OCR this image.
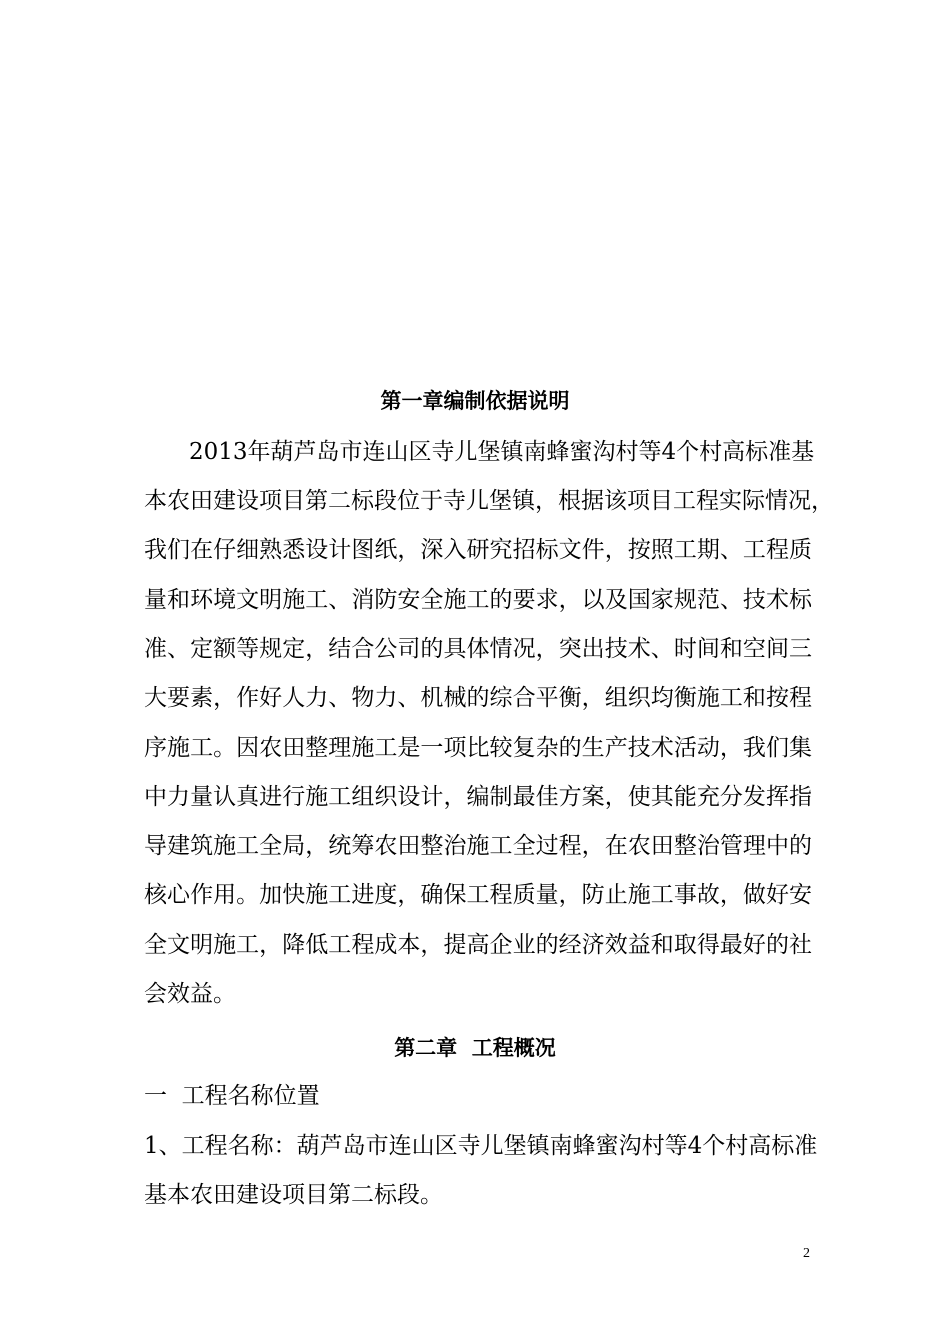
第一章编制依据说明
2013年葫芦岛市连山区寺儿堡镇南蜂蜜沟村等4个村高标准基
本农田建设项目第二标段位于寺儿堡镇，根据该项目工程实际情况，
我们在仔细熟悉设计图纸，深入研究招标文件，按照工期、工程质
量和环境文明施工、消防安全施工的要求，以及国家规范、技术标
准、定额等规定，结合公司的具体情况，突出技术、时间和空间三
大要素，作好人力、物力、机械的综合平衡，组织均衡施工和按程
序施工。因农田整理施工是一项比较复杂的生产技术活动，我们集
中力量认真进行施工组织设计，编制最佳方案，使其能充分发挥指
导建筑施工全局，统筹农田整治施工全过程，在农田整治管理中的
核心作用。加快施工进度，确保工程质量，防止施工事故，做好安
全文明施工，降低工程成本，提高企业的经济效益和取得最好的社
会效益。
第二章  工程概况
一  工程名称位置
1、工程名称：葫芦岛市连山区寺儿堡镇南蜂蜜沟村等4个村高标准
基本农田建设项目第二标段。
2
